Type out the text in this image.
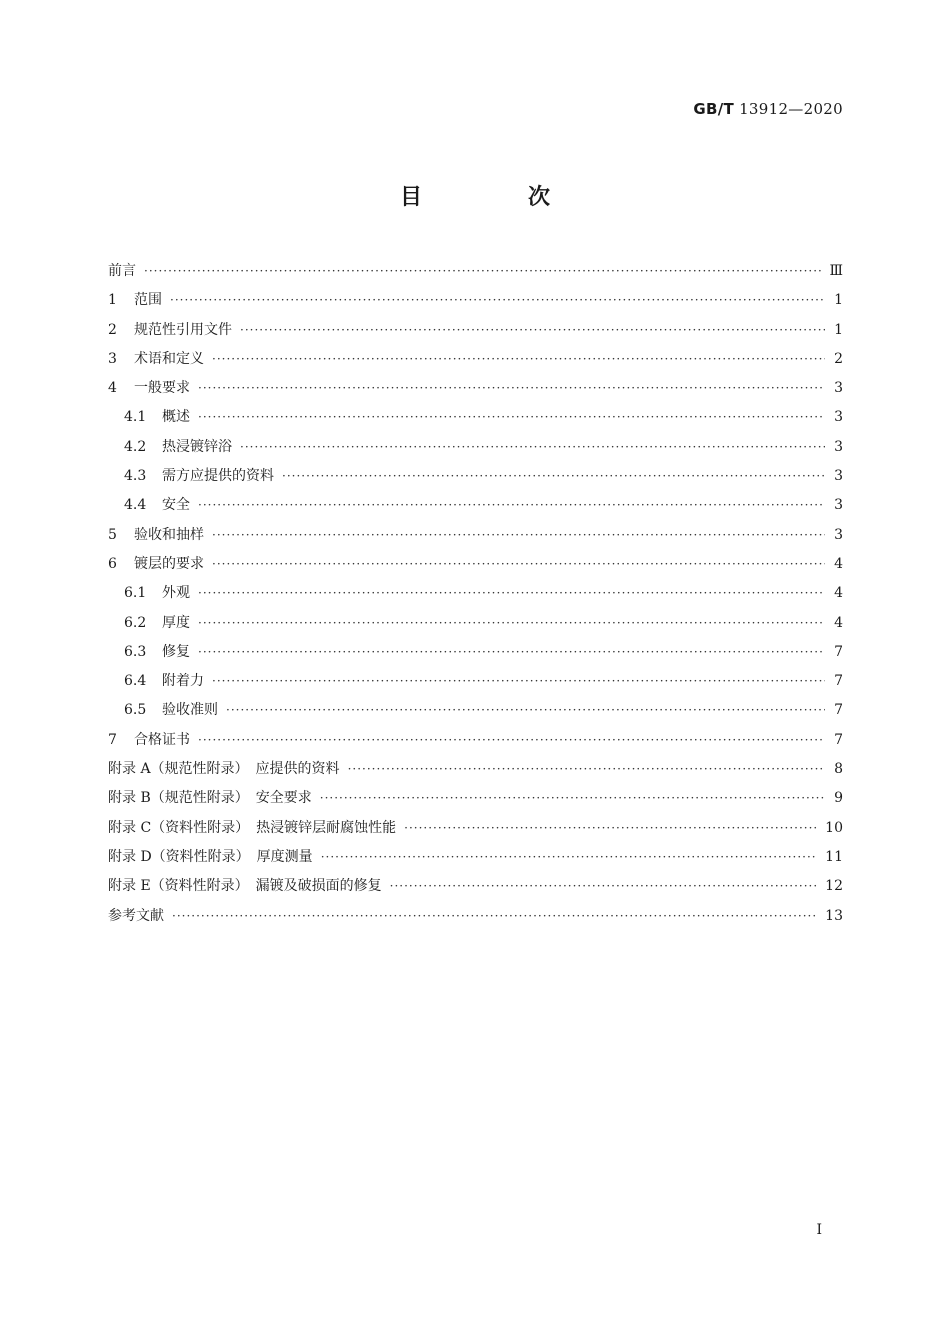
GB/T 13912—2020
目　次
前言 ·····	Ⅲ
1	范围 ·····	1
2	规范性引用文件 ·····	1
3	术语和定义 ·····	2
4	一般要求 ·····	3
4.1	概述 ·····	3
4.2	热浸镀锌浴 ·····	3
4.3	需方应提供的资料 ·····	3
4.4	安全 ·····	3
5	验收和抽样 ·····	3
6	镀层的要求 ·····	4
6.1	外观 ·····	4
6.2	厚度 ·····	4
6.3	修复 ·····	7
6.4	附着力 ·····	7
6.5	验收准则 ·····	7
7	合格证书 ·····	7
附录 A（规范性附录）　应提供的资料 ·····	8
附录 B（规范性附录）　安全要求 ·····	9
附录 C（资料性附录）　热浸镀锌层耐腐蚀性能 ·····	10
附录 D（资料性附录）　厚度测量 ·····	11
附录 E（资料性附录）　漏镀及破损面的修复 ·····	12
参考文献 ·····	13
I
